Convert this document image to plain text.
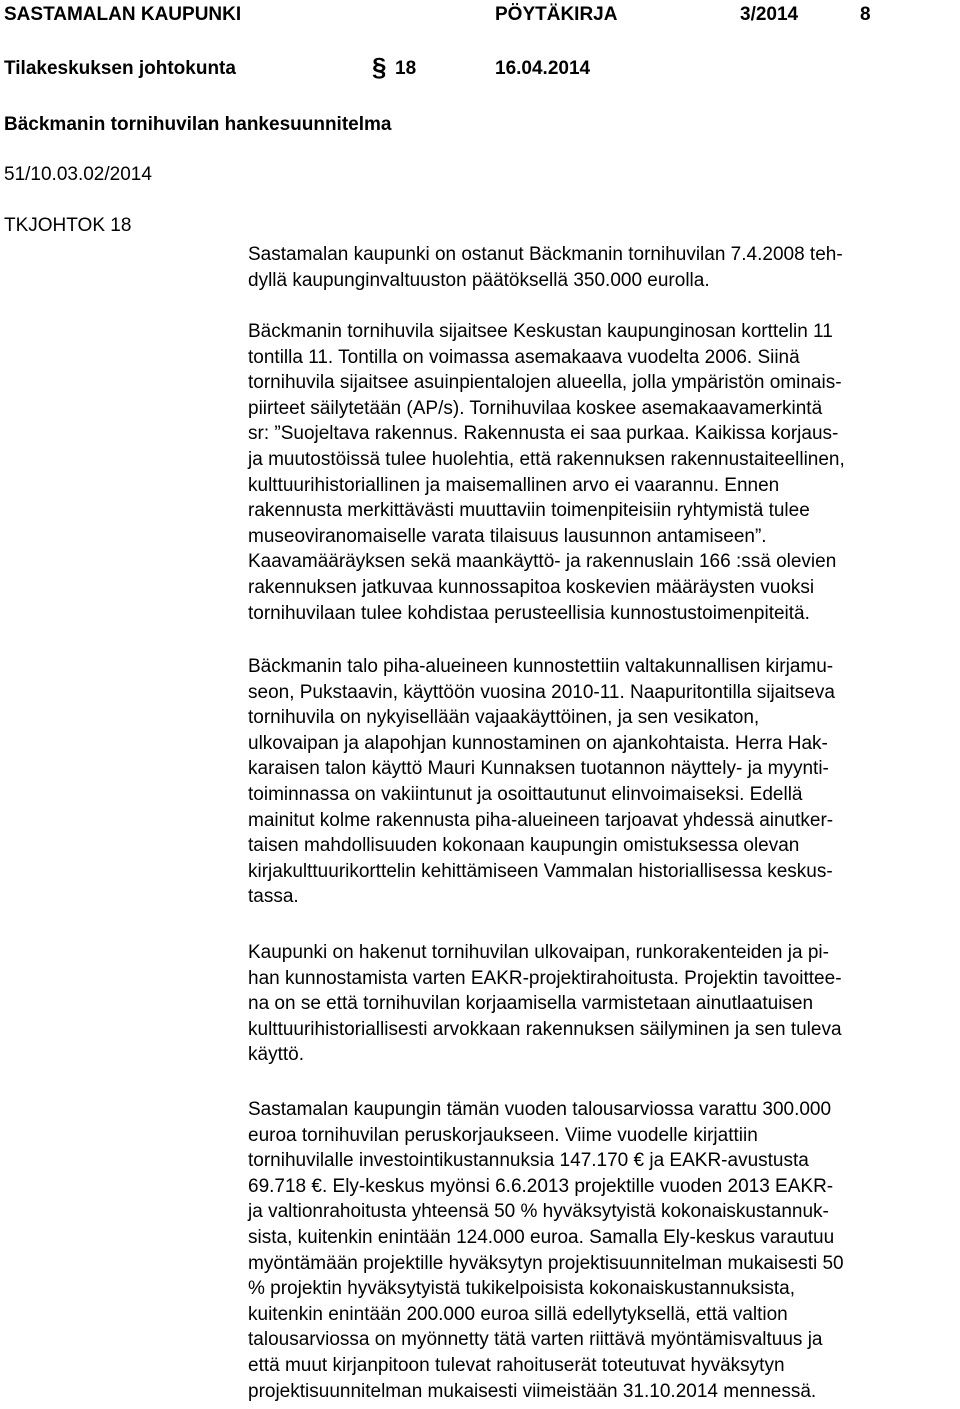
SASTAMALAN KAUPUNKI	PÖYTÄKIRJA	3/2014	8
Tilakeskuksen johtokunta	§ 18	16.04.2014
Bäckmanin tornihuvilan hankesuunnitelma
51/10.03.02/2014
TKJOHTOK 18
Sastamalan kaupunki on ostanut Bäckmanin tornihuvilan 7.4.2008 teh-
dyllä kaupunginvaltuuston päätöksellä 350.000 eurolla.
Bäckmanin tornihuvila sijaitsee Keskustan kaupunginosan korttelin 11
tontilla 11. Tontilla on voimassa asemakaava vuodelta 2006. Siinä
tornihuvila sijaitsee asuinpientalojen alueella, jolla ympäristön ominais-
piirteet säilytetään (AP/s). Tornihuvilaa koskee asemakaavamerkintä
sr: ”Suojeltava rakennus. Rakennusta ei saa purkaa. Kaikissa korjaus-
ja muutostöissä tulee huolehtia, että rakennuksen rakennustaiteellinen,
kulttuurihistoriallinen ja maisemallinen arvo ei vaarannu. Ennen
rakennusta merkittävästi muuttaviin toimenpiteisiin ryhtymistä tulee
museoviranomaiselle varata tilaisuus lausunnon antamiseen”.
Kaavamääräyksen sekä maankäyttö- ja rakennuslain 166 :ssä olevien
rakennuksen jatkuvaa kunnossapitoa koskevien määräysten vuoksi
tornihuvilaan tulee kohdistaa perusteellisia kunnostustoimenpiteitä.
Bäckmanin talo piha-alueineen kunnostettiin valtakunnallisen kirjamu-
seon, Pukstaavin, käyttöön vuosina 2010-11. Naapuritontilla sijaitseva
tornihuvila on nykyisellään vajaakäyttöinen, ja sen vesikaton,
ulkovaipan ja alapohjan kunnostaminen on ajankohtaista. Herra Hak-
karaisen talon käyttö Mauri Kunnaksen tuotannon näyttely- ja myynti-
toiminnassa on vakiintunut ja osoittautunut elinvoimaiseksi. Edellä
mainitut kolme rakennusta piha-alueineen tarjoavat yhdessä ainutker-
taisen mahdollisuuden kokonaan kaupungin omistuksessa olevan
kirjakulttuurikorttelin kehittämiseen Vammalan historiallisessa keskus-
tassa.
Kaupunki on hakenut tornihuvilan ulkovaipan, runkorakenteiden ja pi-
han kunnostamista varten EAKR-projektirahoitusta. Projektin tavoittee-
na on se että tornihuvilan korjaamisella varmistetaan ainutlaatuisen
kulttuurihistoriallisesti arvokkaan rakennuksen säilyminen ja sen tuleva
käyttö.
Sastamalan kaupungin tämän vuoden talousarviossa varattu 300.000
euroa tornihuvilan peruskorjaukseen. Viime vuodelle kirjattiin
tornihuvilalle investointikustannuksia 147.170 € ja EAKR-avustusta
69.718 €. Ely-keskus myönsi 6.6.2013 projektille vuoden 2013 EAKR-
ja valtionrahoitusta yhteensä 50 % hyväksytyistä kokonaiskustannuk-
sista, kuitenkin enintään 124.000 euroa. Samalla Ely-keskus varautuu
myöntämään projektille hyväksytyn projektisuunnitelman mukaisesti 50
% projektin hyväksytyistä tukikelpoisista kokonaiskustannuksista,
kuitenkin enintään 200.000 euroa sillä edellytyksellä, että valtion
talousarviossa on myönnetty tätä varten riittävä myöntämisvaltuus ja
että muut kirjanpitoon tulevat rahoituserät toteutuvat hyväksytyn
projektisuunnitelman mukaisesti viimeistään 31.10.2014 mennessä.
